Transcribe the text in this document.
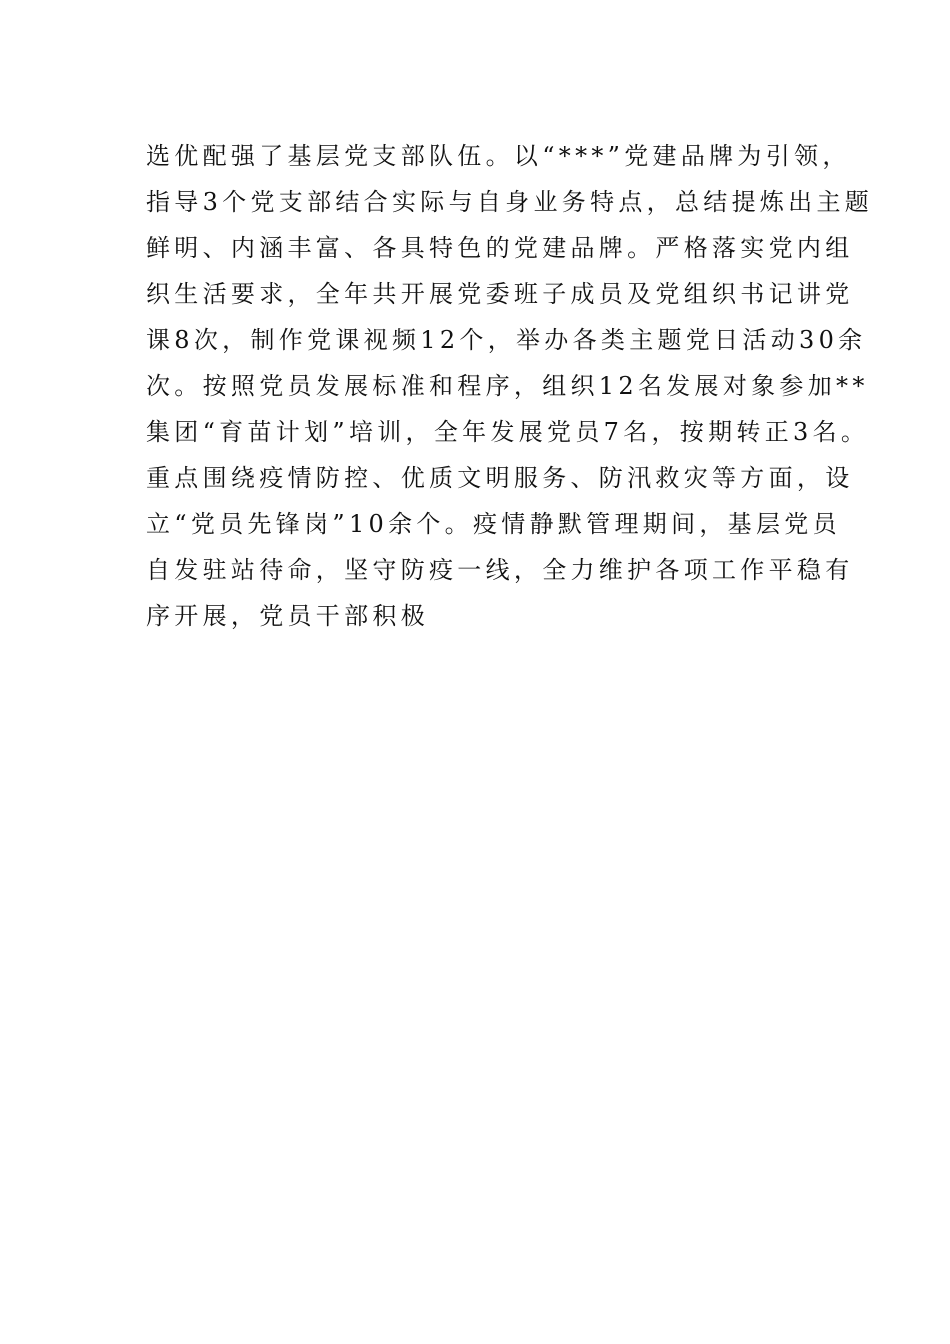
选优配强了基层党支部队伍。以“***”党建品牌为引领，
指导3个党支部结合实际与自身业务特点，总结提炼出主题
鲜明、内涵丰富、各具特色的党建品牌。严格落实党内组
织生活要求，全年共开展党委班子成员及党组织书记讲党
课8次，制作党课视频12个，举办各类主题党日活动30余
次。按照党员发展标准和程序，组织12名发展对象参加**
集团“育苗计划”培训，全年发展党员7名，按期转正3名。
重点围绕疫情防控、优质文明服务、防汛救灾等方面，设
立“党员先锋岗”10余个。疫情静默管理期间，基层党员
自发驻站待命，坚守防疫一线，全力维护各项工作平稳有
序开展，党员干部积极
